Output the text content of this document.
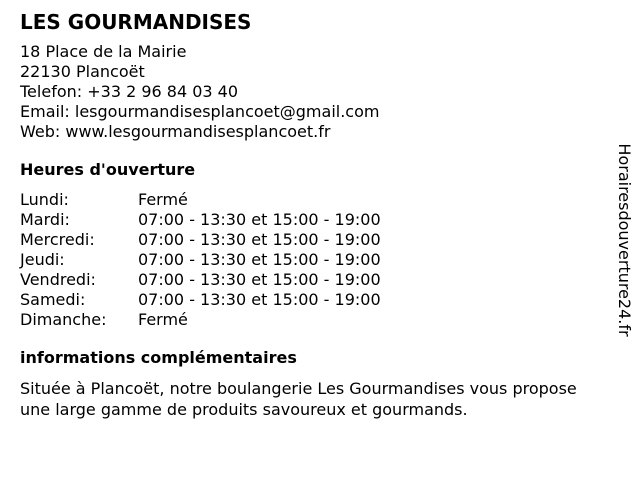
LES GOURMANDISES
18 Place de la Mairie
22130 Plancoët
Telefon: +33 2 96 84 03 40
Email: lesgourmandisesplancoet@gmail.com
Web: www.lesgourmandisesplancoet.fr
Heures d'ouverture
Lundi:	Fermé
Mardi:	07:00 - 13:30 et 15:00 - 19:00
Mercredi:	07:00 - 13:30 et 15:00 - 19:00
Jeudi:	07:00 - 13:30 et 15:00 - 19:00
Vendredi:	07:00 - 13:30 et 15:00 - 19:00
Samedi:	07:00 - 13:30 et 15:00 - 19:00
Dimanche:	Fermé
informations complémentaires
Située à Plancoët, notre boulangerie Les Gourmandises vous propose
une large gamme de produits savoureux et gourmands.
Horairesdouverture24.fr
